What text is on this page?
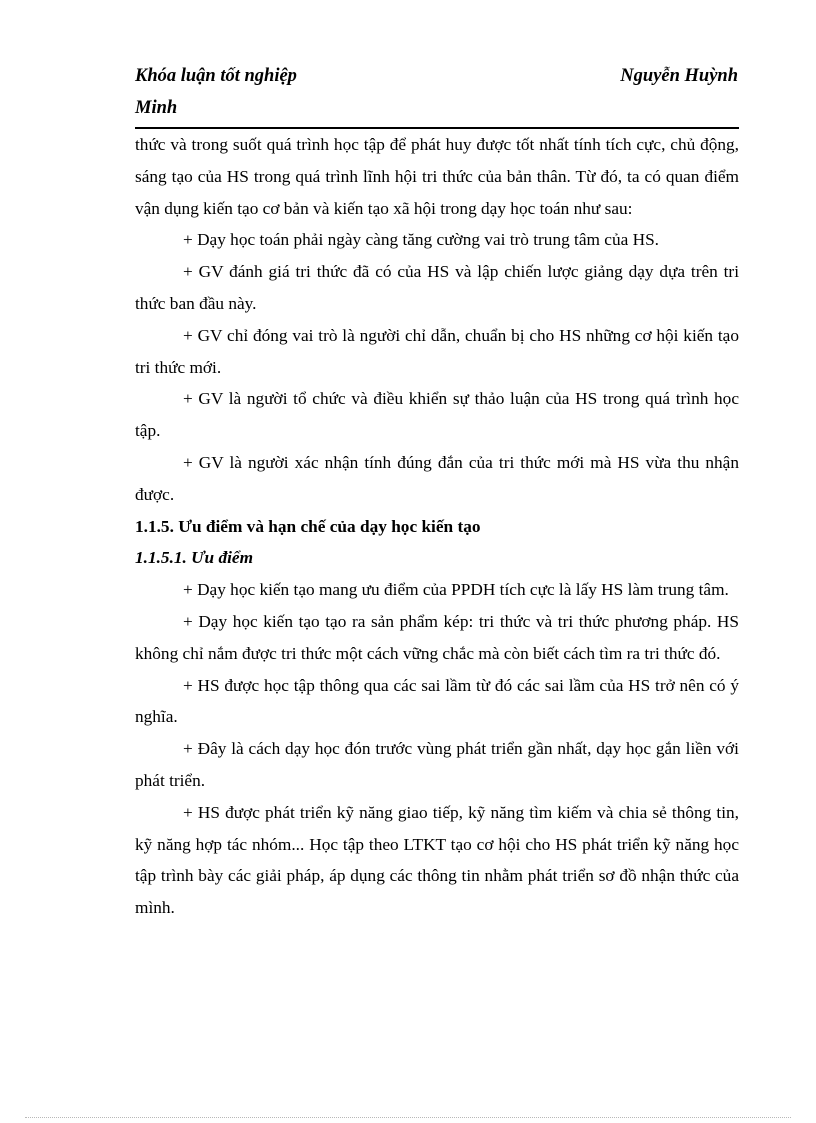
Khóa luận tốt nghiệp	Nguyễn Huỳnh
Minh

thức và trong suốt quá trình học tập để phát huy được tốt nhất tính tích cực, chủ động, sáng tạo của HS trong quá trình lĩnh hội tri thức của bản thân. Từ đó, ta có quan điểm vận dụng kiến tạo cơ bản và kiến tạo xã hội trong dạy học toán như sau:

+ Dạy học toán phải ngày càng tăng cường vai trò trung tâm của HS.

+ GV đánh giá tri thức đã có của HS và lập chiến lược giảng dạy dựa trên tri thức ban đầu này.

+ GV chỉ đóng vai trò là người chỉ dẫn, chuẩn bị cho HS những cơ hội kiến tạo tri thức mới.

+ GV là người tổ chức và điều khiển sự thảo luận của HS trong quá trình học tập.

+ GV là người xác nhận tính đúng đắn của tri thức mới mà HS vừa thu nhận được.

1.1.5. Ưu điểm và hạn chế của dạy học kiến tạo
1.1.5.1. Ưu điểm

+ Dạy học kiến tạo mang ưu điểm của PPDH tích cực là lấy HS làm trung tâm.

+ Dạy học kiến tạo tạo ra sản phẩm kép: tri thức và tri thức phương pháp. HS không chỉ nắm được tri thức một cách vững chắc mà còn biết cách tìm ra tri thức đó.

+ HS được học tập thông qua các sai lầm từ đó các sai lầm của HS trở nên có ý nghĩa.

+ Đây là cách dạy học đón trước vùng phát triển gần nhất, dạy học gắn liền với phát triển.

+ HS được phát triển kỹ năng giao tiếp, kỹ năng tìm kiếm và chia sẻ thông tin, kỹ năng hợp tác nhóm... Học tập theo LTKT tạo cơ hội cho HS phát triển kỹ năng học tập trình bày các giải pháp, áp dụng các thông tin nhằm phát triển sơ đồ nhận thức của mình.
